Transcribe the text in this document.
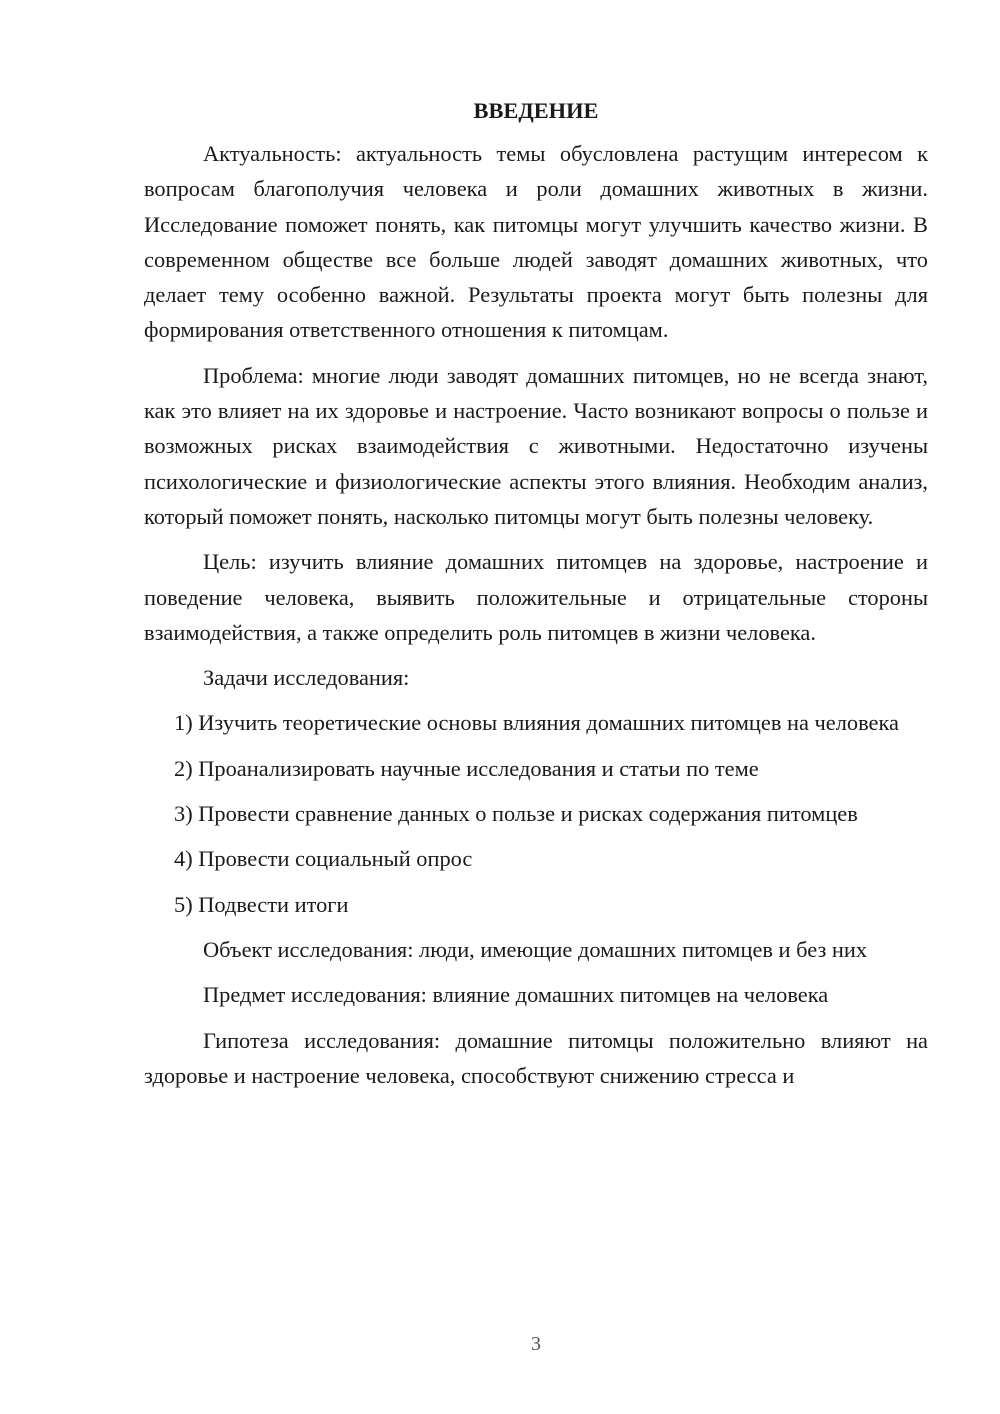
ВВЕДЕНИЕ

Актуальность: актуальность темы обусловлена растущим интересом к вопросам благополучия человека и роли домашних животных в жизни. Исследование поможет понять, как питомцы могут улучшить качество жизни. В современном обществе все больше людей заводят домашних животных, что делает тему особенно важной. Результаты проекта могут быть полезны для формирования ответственного отношения к питомцам.

Проблема: многие люди заводят домашних питомцев, но не всегда знают, как это влияет на их здоровье и настроение. Часто возникают вопросы о пользе и возможных рисках взаимодействия с животными. Недостаточно изучены психологические и физиологические аспекты этого влияния. Необходим анализ, который поможет понять, насколько питомцы могут быть полезны человеку.

Цель: изучить влияние домашних питомцев на здоровье, настроение и поведение человека, выявить положительные и отрицательные стороны взаимодействия, а также определить роль питомцев в жизни человека.

Задачи исследования:

1) Изучить теоретические основы влияния домашних питомцев на человека

2) Проанализировать научные исследования и статьи по теме

3) Провести сравнение данных о пользе и рисках содержания питомцев

4) Провести социальный опрос

5) Подвести итоги

Объект исследования: люди, имеющие домашних питомцев и без них

Предмет исследования: влияние домашних питомцев на человека

Гипотеза исследования: домашние питомцы положительно влияют на здоровье и настроение человека, способствуют снижению стресса и

3
